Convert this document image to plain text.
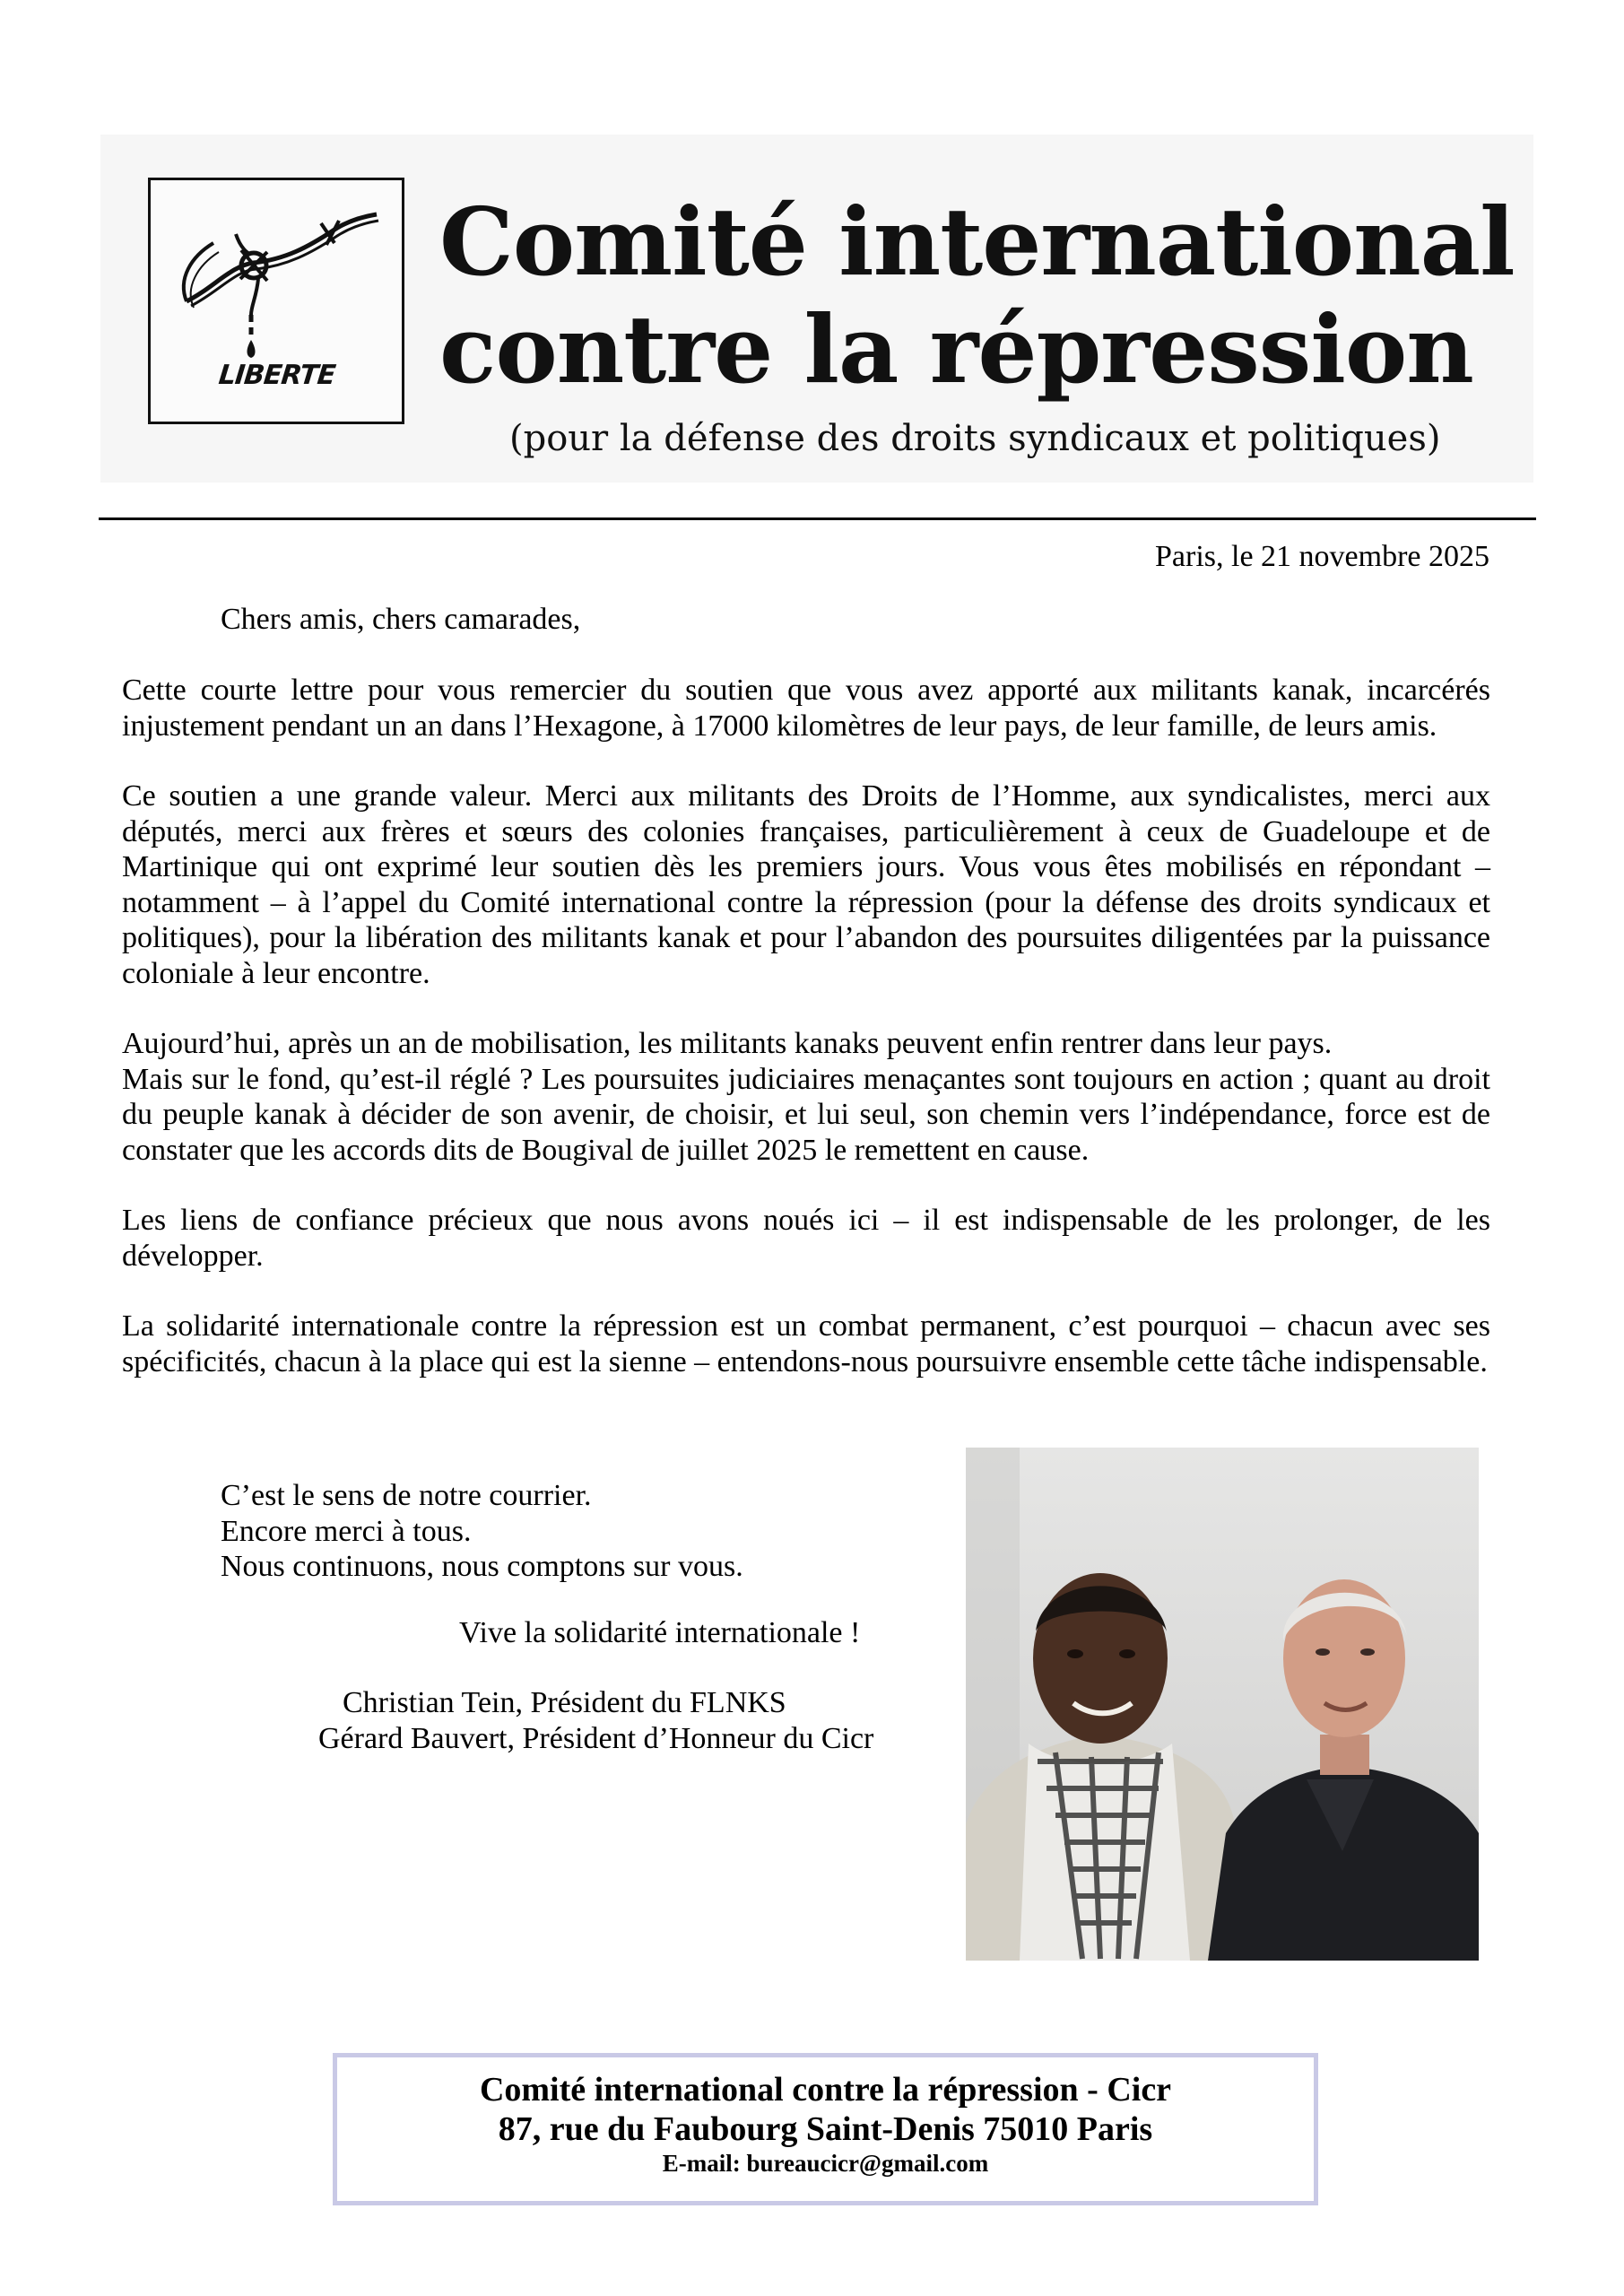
LIBERTE
Comité international
contre la répression
(pour la défense des droits syndicaux et politiques)
Paris, le 21 novembre 2025
Chers amis, chers camarades,

Cette courte lettre pour vous remercier du soutien que vous avez apporté aux militants kanak, incarcérés injustement pendant un an dans l’Hexagone, à 17000 kilomètres de leur pays, de leur famille, de leurs amis.

Ce soutien a une grande valeur. Merci aux militants des Droits de l’Homme, aux syndicalistes, merci aux députés, merci aux frères et sœurs des colonies françaises, particulièrement à ceux de Guadeloupe et de Martinique qui ont exprimé leur soutien dès les premiers jours. Vous vous êtes mobilisés en répondant – notamment – à l’appel du Comité international contre la répression (pour la défense des droits syndicaux et politiques), pour la libération des militants kanak et pour l’abandon des poursuites diligentées par la puissance coloniale à leur encontre.

Aujourd’hui, après un an de mobilisation, les militants kanaks peuvent enfin rentrer dans leur pays.
Mais sur le fond, qu’est-il réglé ? Les poursuites judiciaires menaçantes sont toujours en action ; quant au droit du peuple kanak à décider de son avenir, de choisir, et lui seul, son chemin vers l’indépendance, force est de constater que les accords dits de Bougival de juillet 2025 le remettent en cause.

Les liens de confiance précieux que nous avons noués ici – il est indispensable de les prolonger, de les développer.

La solidarité internationale contre la répression est un combat permanent, c’est pourquoi – chacun avec ses spécificités, chacun à la place qui est la sienne – entendons-nous poursuivre ensemble cette tâche indispensable.

C’est le sens de notre courrier.
Encore merci à tous.
Nous continuons, nous comptons sur vous.
Vive la solidarité internationale !
Christian Tein, Président du FLNKS
Gérard Bauvert, Président d’Honneur du Cicr
Comité international contre la répression - Cicr
87, rue du Faubourg Saint-Denis 75010 Paris
E-mail: bureaucicr@gmail.com
